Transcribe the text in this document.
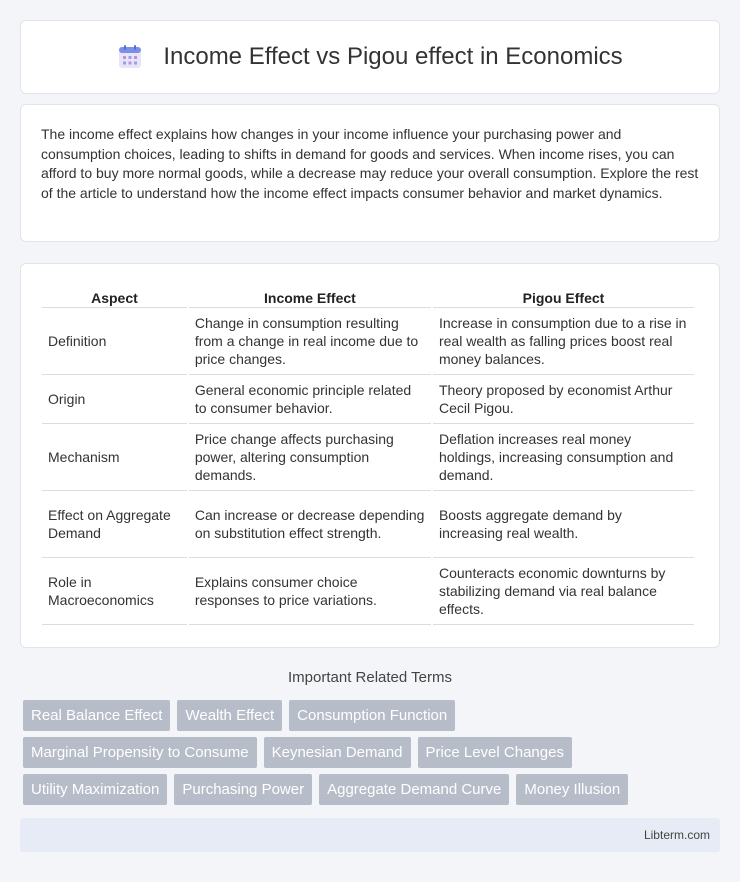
Income Effect vs Pigou effect in Economics

The income effect explains how changes in your income influence your purchasing power and consumption choices, leading to shifts in demand for goods and services. When income rises, you can afford to buy more normal goods, while a decrease may reduce your overall consumption. Explore the rest of the article to understand how the income effect impacts consumer behavior and market dynamics.

Aspect	Income Effect	Pigou Effect
Definition	Change in consumption resulting from a change in real income due to price changes.	Increase in consumption due to a rise in real wealth as falling prices boost real money balances.
Origin	General economic principle related to consumer behavior.	Theory proposed by economist Arthur Cecil Pigou.
Mechanism	Price change affects purchasing power, altering consumption demands.	Deflation increases real money holdings, increasing consumption and demand.
Effect on Aggregate Demand	Can increase or decrease depending on substitution effect strength.	Boosts aggregate demand by increasing real wealth.
Role in Macroeconomics	Explains consumer choice responses to price variations.	Counteracts economic downturns by stabilizing demand via real balance effects.
Important Related Terms
Real Balance Effect	Wealth Effect	Consumption Function
Marginal Propensity to Consume	Keynesian Demand	Price Level Changes
Utility Maximization	Purchasing Power	Aggregate Demand Curve	Money Illusion
Libterm.com
